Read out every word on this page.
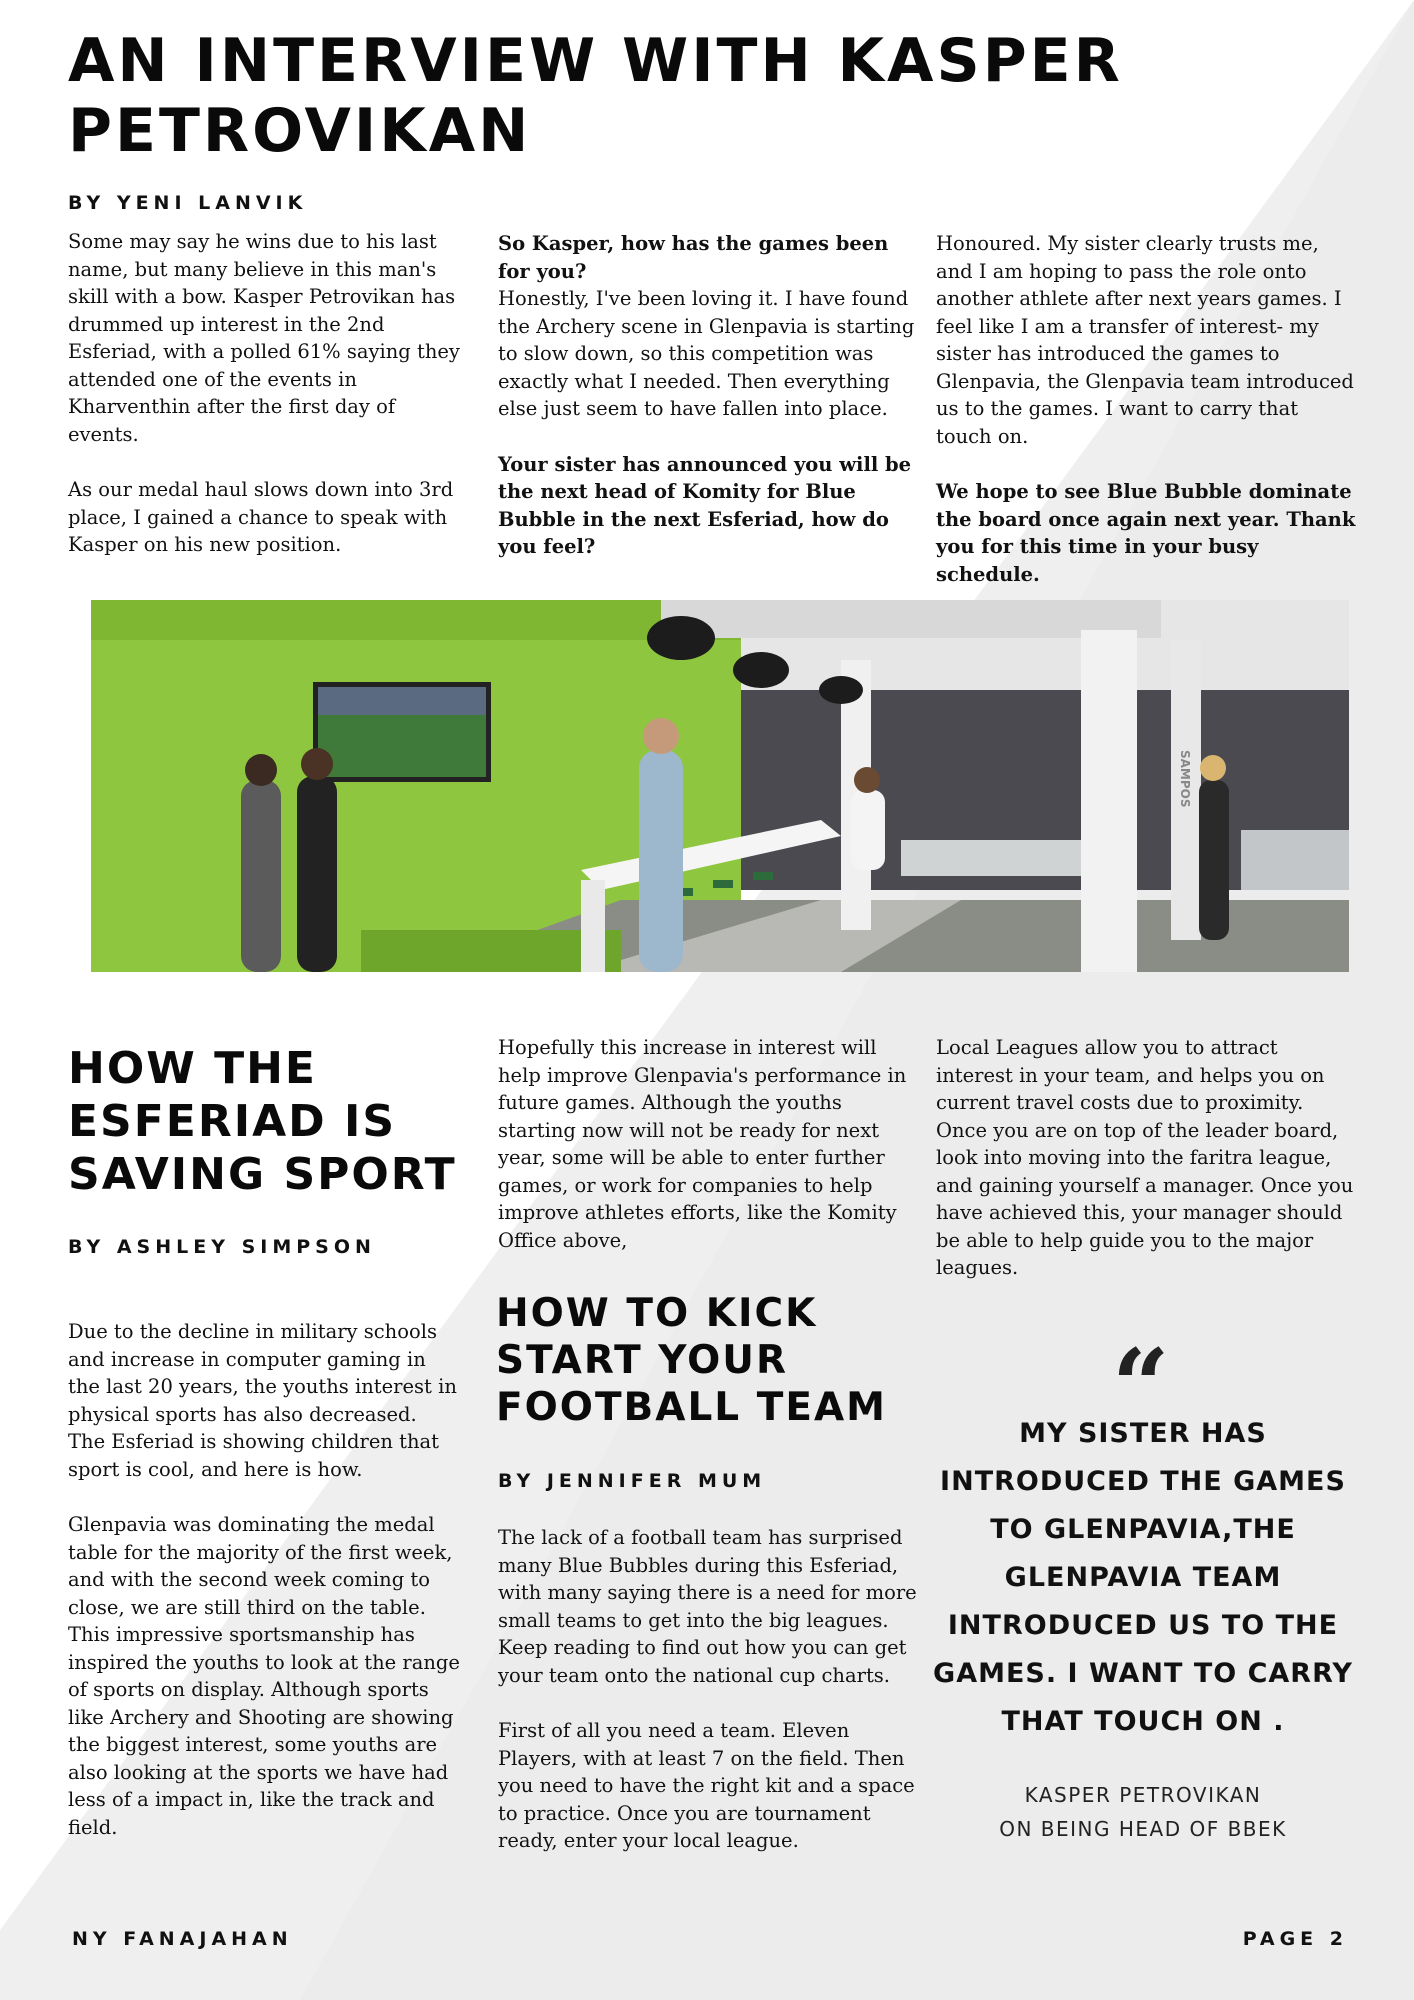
AN INTERVIEW WITH KASPER PETROVIKAN
BY YENI LANVIK

Some may say he wins due to his last name, but many believe in this man's skill with a bow. Kasper Petrovikan has drummed up interest in the 2nd Esferiad, with a polled 61% saying they attended one of the events in Kharventhin after the first day of events.

As our medal haul slows down into 3rd place, I gained a chance to speak with Kasper on his new position.

So Kasper, how has the games been for you?
Honestly, I've been loving it. I have found the Archery scene in Glenpavia is starting to slow down, so this competition was exactly what I needed. Then everything else just seem to have fallen into place.

Your sister has announced you will be the next head of Komity for Blue Bubble in the next Esferiad, how do you feel?

Honoured. My sister clearly trusts me, and I am hoping to pass the role onto another athlete after next years games. I feel like I am a transfer of interest- my sister has introduced the games to Glenpavia, the Glenpavia team introduced us to the games. I want to carry that touch on.

We hope to see Blue Bubble dominate the board once again next year. Thank you for this time in your busy schedule.

SAMPOS
HOW THE ESFERIAD IS SAVING SPORT
BY ASHLEY SIMPSON

Due to the decline in military schools and increase in computer gaming in the last 20 years, the youths interest in physical sports has also decreased. The Esferiad is showing children that sport is cool, and here is how.

Glenpavia was dominating the medal table for the majority of the first week, and with the second week coming to close, we are still third on the table. This impressive sportsmanship has inspired the youths to look at the range of sports on display. Although sports like Archery and Shooting are showing the biggest interest, some youths are also looking at the sports we have had less of a impact in, like the track and field.

Hopefully this increase in interest will help improve Glenpavia's performance in future games. Although the youths starting now will not be ready for next year, some will be able to enter further games, or work for companies to help improve athletes efforts, like the Komity Office above,

HOW TO KICK START YOUR FOOTBALL TEAM
BY JENNIFER MUM

The lack of a football team has surprised many Blue Bubbles during this Esferiad, with many saying there is a need for more small teams to get into the big leagues. Keep reading to find out how you can get your team onto the national cup charts.

First of all you need a team. Eleven Players, with at least 7 on the field. Then you need to have the right kit and a space to practice. Once you are tournament ready, enter your local league.

Local Leagues allow you to attract interest in your team, and helps you on current travel costs due to proximity. Once you are on top of the leader board, look into moving into the faritra league, and gaining yourself a manager. Once you have achieved this, your manager should be able to help guide you to the major leagues.

“
MY SISTER HAS INTRODUCED THE GAMES TO GLENPAVIA,THE GLENPAVIA TEAM INTRODUCED US TO THE GAMES. I WANT TO CARRY THAT TOUCH ON .
KASPER PETROVIKAN
ON BEING HEAD OF BBEK
NY FANAJAHAN	PAGE 2
